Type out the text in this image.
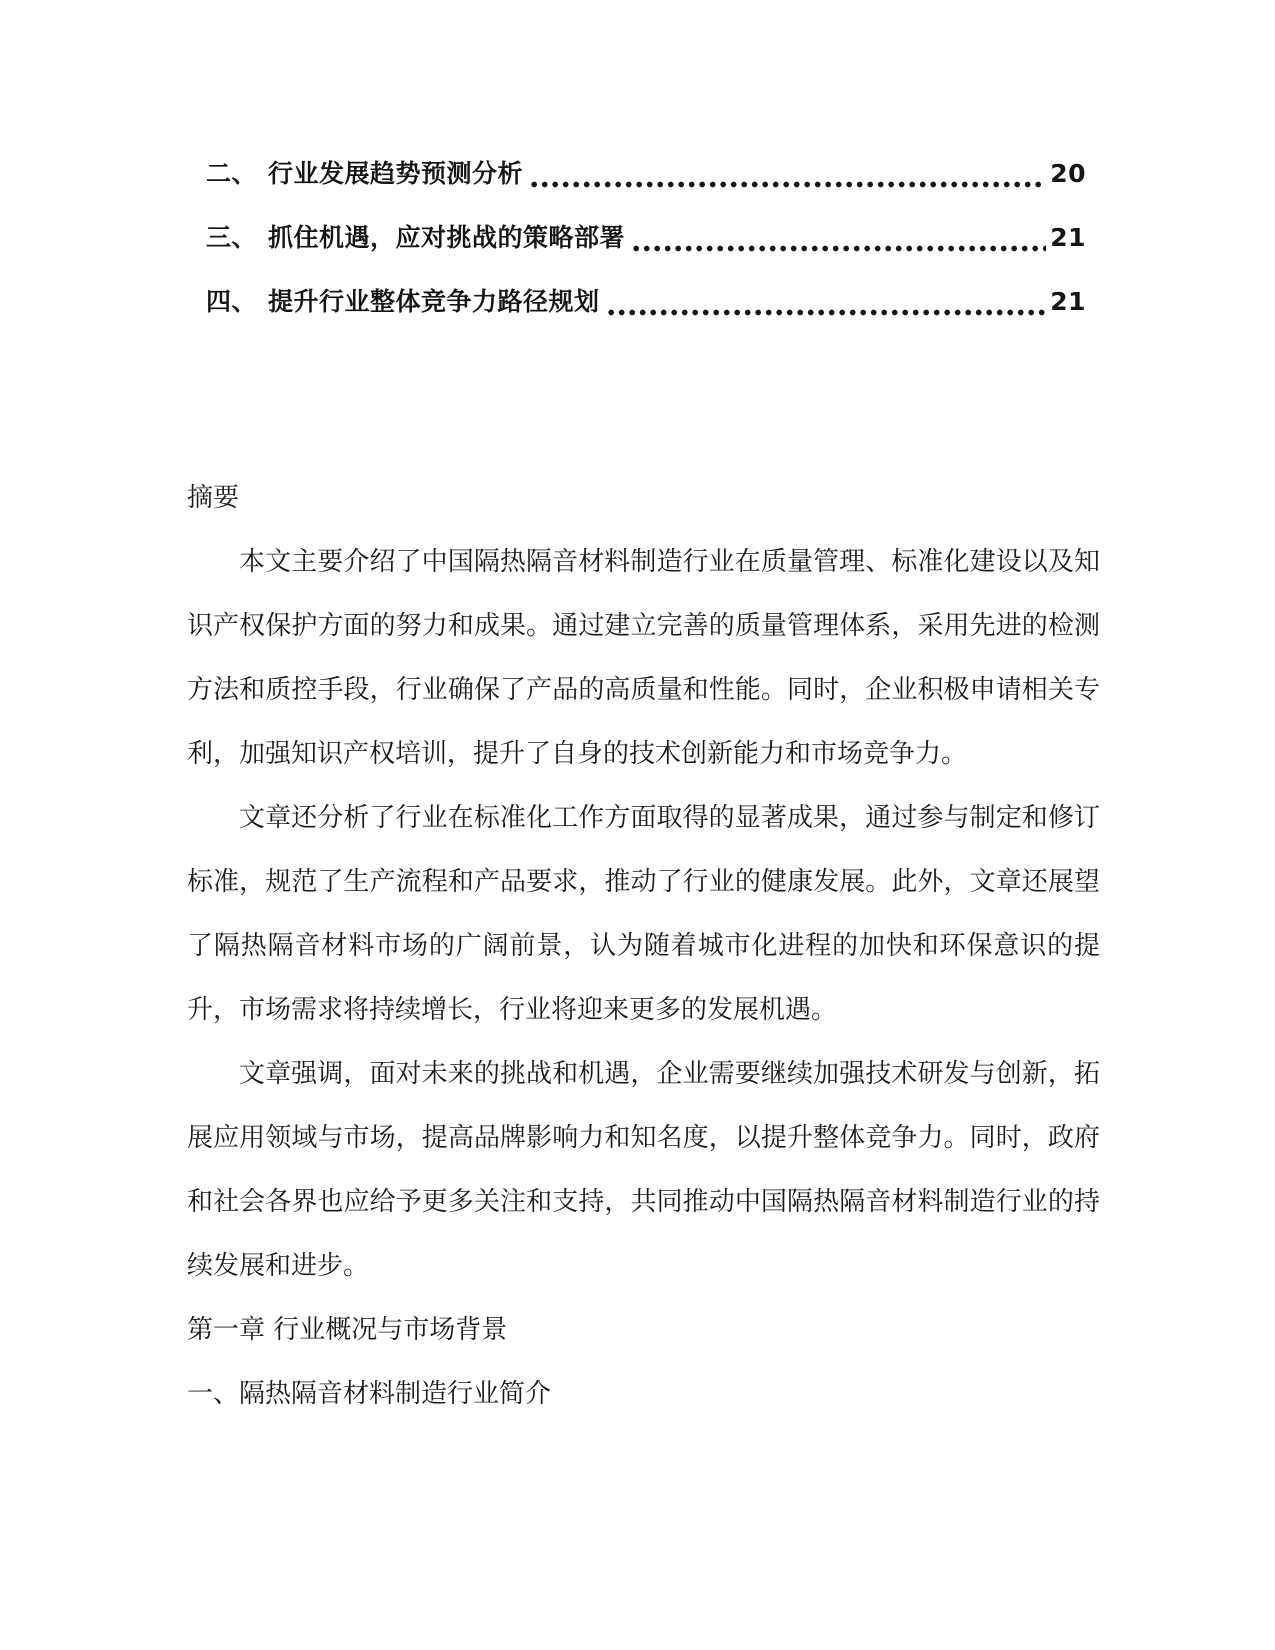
二、 行业发展趋势预测分析	20
三、 抓住机遇，应对挑战的策略部署	21
四、 提升行业整体竞争力路径规划	21
摘要

本文主要介绍了中国隔热隔音材料制造行业在质量管理、标准化建设以及知识产权保护方面的努力和成果。通过建立完善的质量管理体系，采用先进的检测方法和质控手段，行业确保了产品的高质量和性能。同时，企业积极申请相关专利，加强知识产权培训，提升了自身的技术创新能力和市场竞争力。

文章还分析了行业在标准化工作方面取得的显著成果，通过参与制定和修订标准，规范了生产流程和产品要求，推动了行业的健康发展。此外，文章还展望了隔热隔音材料市场的广阔前景，认为随着城市化进程的加快和环保意识的提升，市场需求将持续增长，行业将迎来更多的发展机遇。

文章强调，面对未来的挑战和机遇，企业需要继续加强技术研发与创新，拓展应用领域与市场，提高品牌影响力和知名度，以提升整体竞争力。同时，政府和社会各界也应给予更多关注和支持，共同推动中国隔热隔音材料制造行业的持续发展和进步。

第一章 行业概况与市场背景
一、隔热隔音材料制造行业简介
